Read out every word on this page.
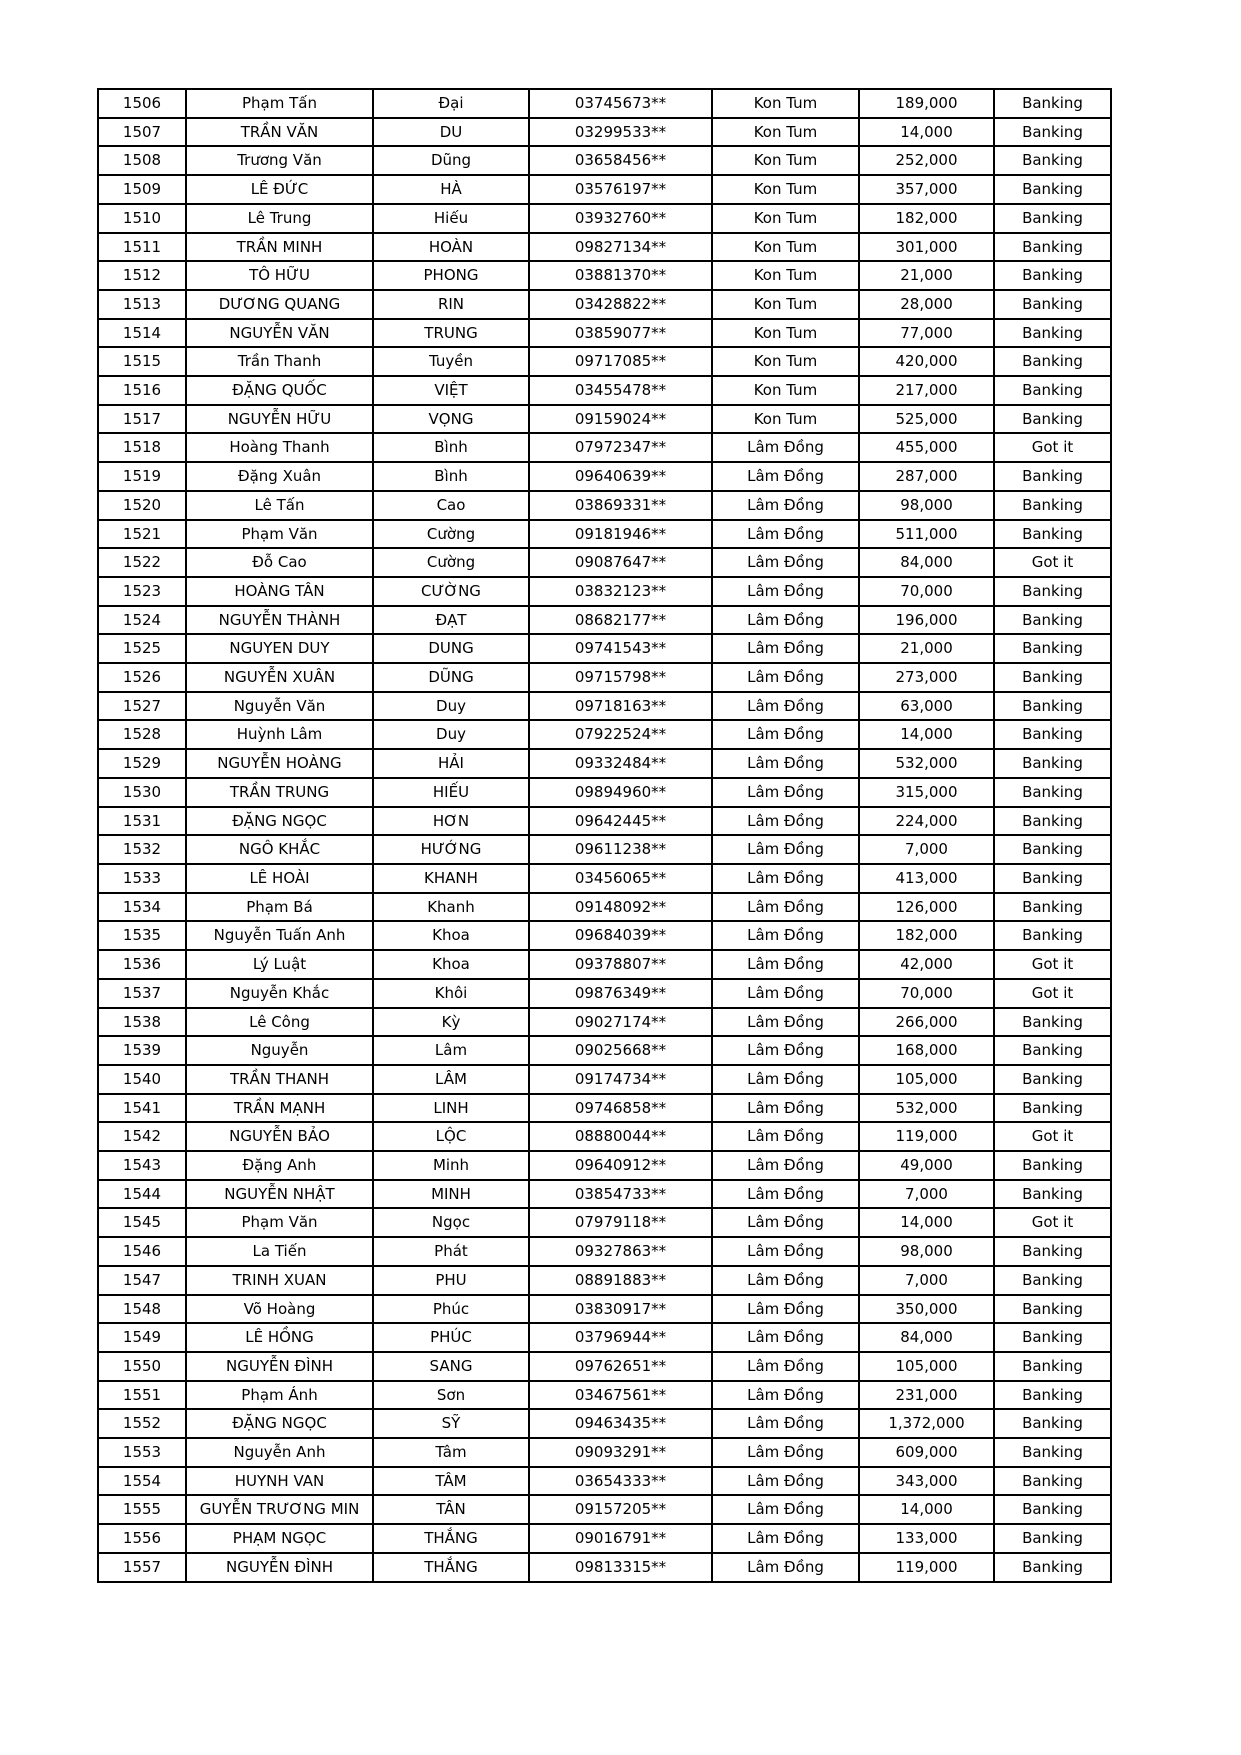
1506	Phạm Tấn	Đại	03745673**	Kon Tum	189,000	Banking
1507	TRẦN VĂN	DU	03299533**	Kon Tum	14,000	Banking
1508	Trương Văn	Dũng	03658456**	Kon Tum	252,000	Banking
1509	LÊ ĐỨC	HÀ	03576197**	Kon Tum	357,000	Banking
1510	Lê Trung	Hiếu	03932760**	Kon Tum	182,000	Banking
1511	TRẦN MINH	HOÀN	09827134**	Kon Tum	301,000	Banking
1512	TÔ HỮU	PHONG	03881370**	Kon Tum	21,000	Banking
1513	DƯƠNG QUANG	RIN	03428822**	Kon Tum	28,000	Banking
1514	NGUYỄN VĂN	TRUNG	03859077**	Kon Tum	77,000	Banking
1515	Trần Thanh	Tuyền	09717085**	Kon Tum	420,000	Banking
1516	ĐẶNG QUỐC	VIỆT	03455478**	Kon Tum	217,000	Banking
1517	NGUYỄN HỮU	VỌNG	09159024**	Kon Tum	525,000	Banking
1518	Hoàng Thanh	Bình	07972347**	Lâm Đồng	455,000	Got it
1519	Đặng Xuân	Bình	09640639**	Lâm Đồng	287,000	Banking
1520	Lê Tấn	Cao	03869331**	Lâm Đồng	98,000	Banking
1521	Phạm Văn	Cường	09181946**	Lâm Đồng	511,000	Banking
1522	Đỗ Cao	Cường	09087647**	Lâm Đồng	84,000	Got it
1523	HOÀNG TÂN	CƯỜNG	03832123**	Lâm Đồng	70,000	Banking
1524	NGUYỄN THÀNH	ĐẠT	08682177**	Lâm Đồng	196,000	Banking
1525	NGUYEN DUY	DUNG	09741543**	Lâm Đồng	21,000	Banking
1526	NGUYỄN XUÂN	DŨNG	09715798**	Lâm Đồng	273,000	Banking
1527	Nguyễn Văn	Duy	09718163**	Lâm Đồng	63,000	Banking
1528	Huỳnh Lâm	Duy	07922524**	Lâm Đồng	14,000	Banking
1529	NGUYỄN HOÀNG	HẢI	09332484**	Lâm Đồng	532,000	Banking
1530	TRẦN TRUNG	HIẾU	09894960**	Lâm Đồng	315,000	Banking
1531	ĐẶNG NGỌC	HƠN	09642445**	Lâm Đồng	224,000	Banking
1532	NGÔ KHẮC	HƯỚNG	09611238**	Lâm Đồng	7,000	Banking
1533	LÊ HOÀI	KHANH	03456065**	Lâm Đồng	413,000	Banking
1534	Phạm Bá	Khanh	09148092**	Lâm Đồng	126,000	Banking
1535	Nguyễn Tuấn Anh	Khoa	09684039**	Lâm Đồng	182,000	Banking
1536	Lý Luật	Khoa	09378807**	Lâm Đồng	42,000	Got it
1537	Nguyễn Khắc	Khôi	09876349**	Lâm Đồng	70,000	Got it
1538	Lê Công	Kỳ	09027174**	Lâm Đồng	266,000	Banking
1539	Nguyễn	Lâm	09025668**	Lâm Đồng	168,000	Banking
1540	TRẦN THANH	LÂM	09174734**	Lâm Đồng	105,000	Banking
1541	TRẦN MẠNH	LINH	09746858**	Lâm Đồng	532,000	Banking
1542	NGUYỄN BẢO	LỘC	08880044**	Lâm Đồng	119,000	Got it
1543	Đặng Anh	Minh	09640912**	Lâm Đồng	49,000	Banking
1544	NGUYỄN NHẬT	MINH	03854733**	Lâm Đồng	7,000	Banking
1545	Phạm Văn	Ngọc	07979118**	Lâm Đồng	14,000	Got it
1546	La Tiến	Phát	09327863**	Lâm Đồng	98,000	Banking
1547	TRINH XUAN	PHU	08891883**	Lâm Đồng	7,000	Banking
1548	Võ Hoàng	Phúc	03830917**	Lâm Đồng	350,000	Banking
1549	LÊ HỒNG	PHÚC	03796944**	Lâm Đồng	84,000	Banking
1550	NGUYỄN ĐÌNH	SANG	09762651**	Lâm Đồng	105,000	Banking
1551	Phạm Ánh	Sơn	03467561**	Lâm Đồng	231,000	Banking
1552	ĐẶNG NGỌC	SỸ	09463435**	Lâm Đồng	1,372,000	Banking
1553	Nguyễn Anh	Tâm	09093291**	Lâm Đồng	609,000	Banking
1554	HUYNH VAN	TÂM	03654333**	Lâm Đồng	343,000	Banking
1555	GUYỄN TRƯƠNG MIN	TÂN	09157205**	Lâm Đồng	14,000	Banking
1556	PHẠM NGỌC	THẮNG	09016791**	Lâm Đồng	133,000	Banking
1557	NGUYỄN ĐÌNH	THẮNG	09813315**	Lâm Đồng	119,000	Banking
